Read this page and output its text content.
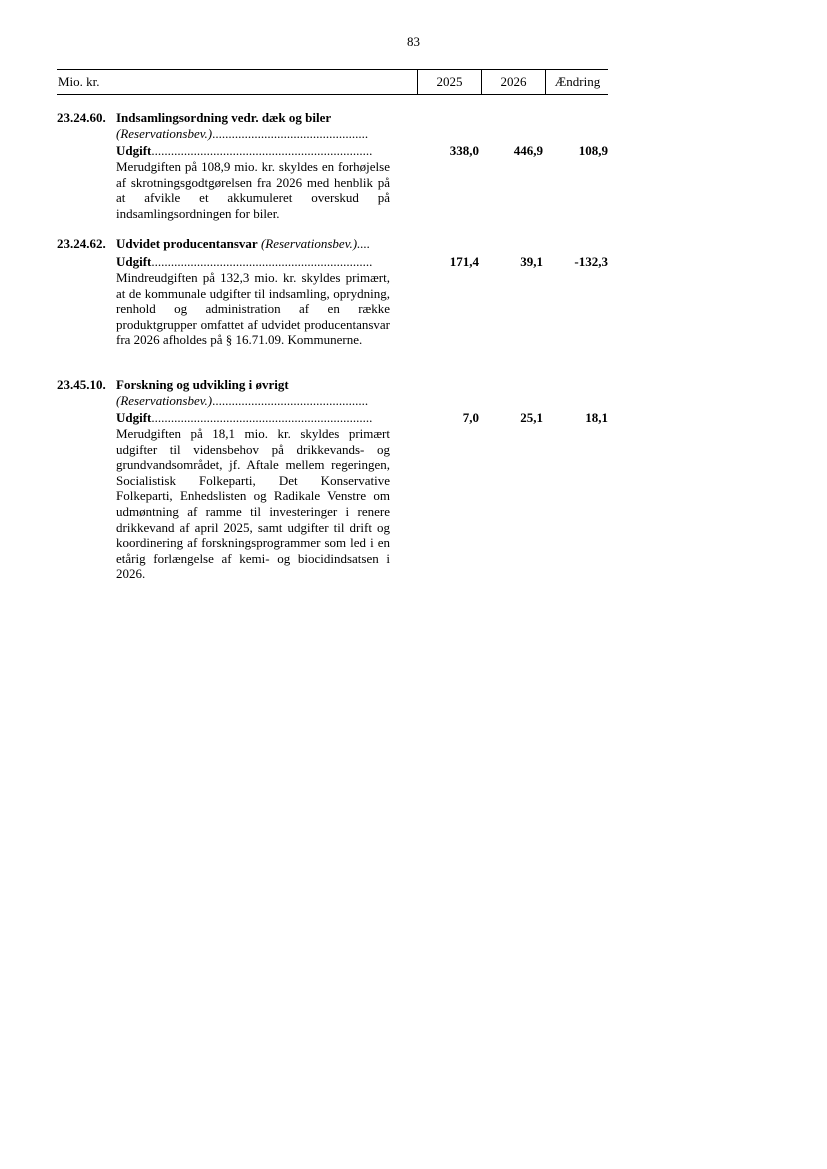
83
Mio. kr.	2025	2026	Ændring
23.24.60. Indsamlingsordning vedr. dæk og biler
(Reservationsbev.)................................................
Udgift....................................................................	338,0	446,9	108,9
Merudgiften på 108,9 mio. kr. skyldes en forhøjelse af skrotningsgodtgørelsen fra 2026 med henblik på at afvikle et akkumuleret overskud på indsamlingsordningen for biler.
23.24.62. Udvidet producentansvar (Reservationsbev.)....
Udgift....................................................................	171,4	39,1	-132,3
Mindreudgiften på 132,3 mio. kr. skyldes primært, at de kommunale udgifter til indsamling, oprydning, renhold og administration af en række produktgrupper omfattet af udvidet producentansvar fra 2026 afholdes på § 16.71.09. Kommunerne.
23.45.10. Forskning og udvikling i øvrigt
(Reservationsbev.)................................................
Udgift....................................................................	7,0	25,1	18,1
Merudgiften på 18,1 mio. kr. skyldes primært udgifter til vidensbehov på drikkevands- og grundvandsområdet, jf. Aftale mellem regeringen, Socialistisk Folkeparti, Det Konservative Folkeparti, Enhedslisten og Radikale Venstre om udmøntning af ramme til investeringer i renere drikkevand af april 2025, samt udgifter til drift og koordinering af forskningsprogrammer som led i en etårig forlængelse af kemi- og biocidindsatsen i 2026.
